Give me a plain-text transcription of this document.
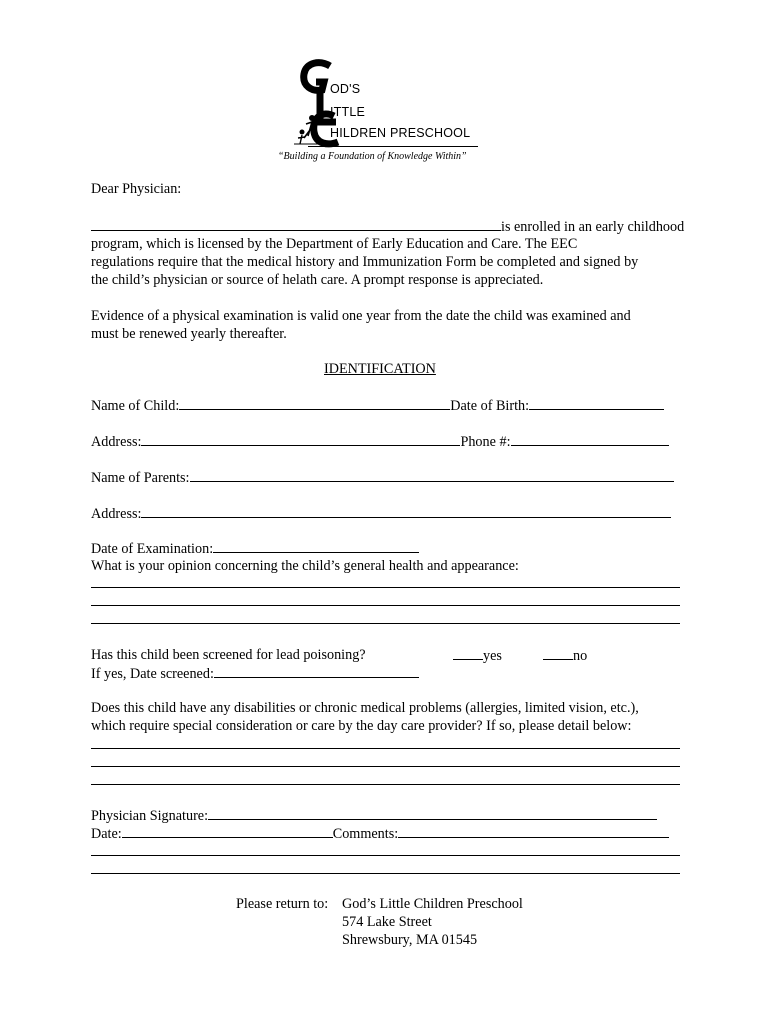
OD'S
ITTLE
HILDREN PRESCHOOL
“Building a Foundation of Knowledge Within”
Dear Physician:
is enrolled in an early childhood
program, which is licensed by the Department of Early Education and Care. The EEC
regulations require that the medical history and Immunization Form be completed and signed by
the child’s physician or source of helath care. A prompt response is appreciated.
Evidence of a physical examination is valid one year from the date the child was examined and
must be renewed yearly thereafter.
IDENTIFICATION
Name of Child:	Date of Birth:
Address:	Phone #:
Name of Parents:
Address:
Date of Examination:
What is your opinion concerning the child’s general health and appearance:
Has this child been screened for lead poisoning?	yes	no
If yes, Date screened:
Does this child have any disabilities or chronic medical problems (allergies, limited vision, etc.),
which require special consideration or care by the day care provider? If so, please detail below:
Physician Signature:
Date:	Comments:
Please return to: God’s Little Children Preschool
574 Lake Street
Shrewsbury, MA 01545
